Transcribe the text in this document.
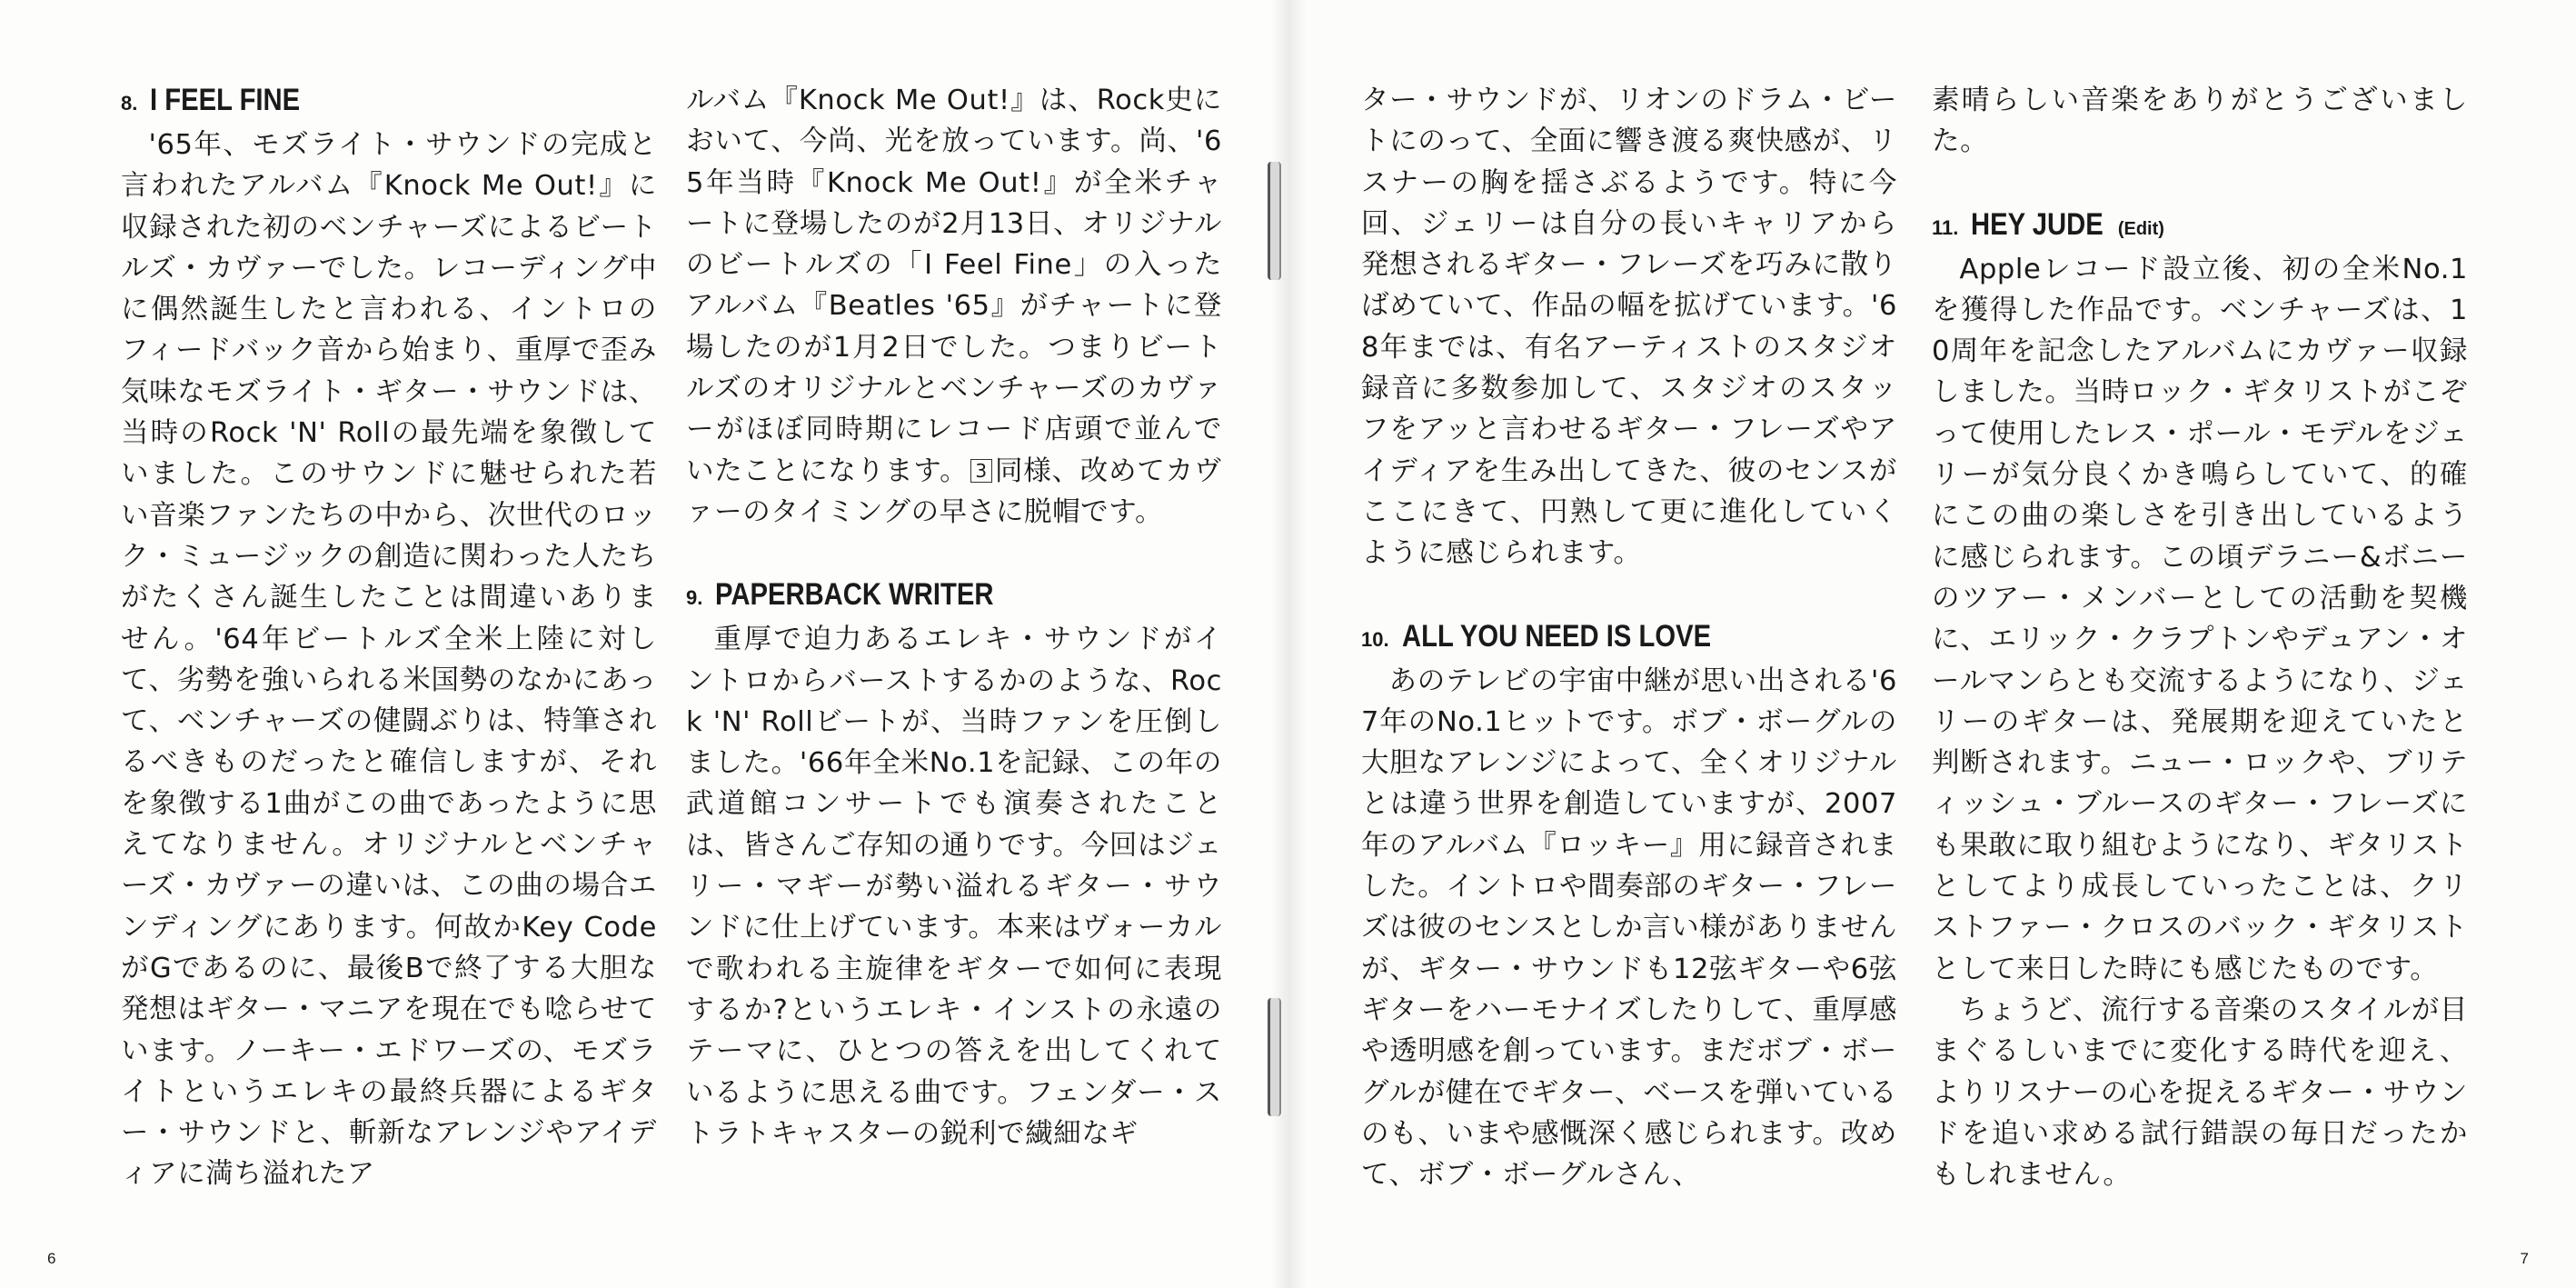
8. I FEEL FINE

'65年、モズライト・サウンドの完成と言われたアルバム『Knock Me Out!』に収録された初のベンチャーズによるビートルズ・カヴァーでした。レコーディング中に偶然誕生したと言われる、イントロのフィードバック音から始まり、重厚で歪み気味なモズライト・ギター・サウンドは、当時のRock 'N' Rollの最先端を象徴していました。このサウンドに魅せられた若い音楽ファンたちの中から、次世代のロック・ミュージックの創造に関わった人たちがたくさん誕生したことは間違いありません。'64年ビートルズ全米上陸に対して、劣勢を強いられる米国勢のなかにあって、ベンチャーズの健闘ぶりは、特筆されるべきものだったと確信しますが、それを象徴する1曲がこの曲であったように思えてなりません。オリジナルとベンチャーズ・カヴァーの違いは、この曲の場合エンディングにあります。何故かKey CodeがGであるのに、最後Bで終了する大胆な発想はギター・マニアを現在でも唸らせています。ノーキー・エドワーズの、モズライトというエレキの最終兵器によるギター・サウンドと、斬新なアレンジやアイディアに満ち溢れたア

ルバム『Knock Me Out!』は、Rock史において、今尚、光を放っています。尚、'65年当時『Knock Me Out!』が全米チャートに登場したのが2月13日、オリジナルのビートルズの「I Feel Fine」の入ったアルバム『Beatles '65』がチャートに登場したのが1月2日でした。つまりビートルズのオリジナルとベンチャーズのカヴァーがほぼ同時期にレコード店頭で並んでいたことになります。 3 同様、改めてカヴァーのタイミングの早さに脱帽です。

9. PAPERBACK WRITER

重厚で迫力あるエレキ・サウンドがイントロからバーストするかのような、Rock 'N' Rollビートが、当時ファンを圧倒しました。'66年全米No.1を記録、この年の武道館コンサートでも演奏されたことは、皆さんご存知の通りです。今回はジェリー・マギーが勢い溢れるギター・サウンドに仕上げています。本来はヴォーカルで歌われる主旋律をギターで如何に表現するか?というエレキ・インストの永遠のテーマに、ひとつの答えを出してくれているように思える曲です。フェンダー・ストラトキャスターの鋭利で繊細なギ

6

ター・サウンドが、リオンのドラム・ビートにのって、全面に響き渡る爽快感が、リスナーの胸を揺さぶるようです。特に今回、ジェリーは自分の長いキャリアから発想されるギター・フレーズを巧みに散りばめていて、作品の幅を拡げています。'68年までは、有名アーティストのスタジオ録音に多数参加して、スタジオのスタッフをアッと言わせるギター・フレーズやアイディアを生み出してきた、彼のセンスがここにきて、円熟して更に進化していくように感じられます。

10. ALL YOU NEED IS LOVE

あのテレビの宇宙中継が思い出される'67年のNo.1ヒットです。ボブ・ボーグルの大胆なアレンジによって、全くオリジナルとは違う世界を創造していますが、2007年のアルバム『ロッキー』用に録音されました。イントロや間奏部のギター・フレーズは彼のセンスとしか言い様がありませんが、ギター・サウンドも12弦ギターや6弦ギターをハーモナイズしたりして、重厚感や透明感を創っています。まだボブ・ボーグルが健在でギター、ベースを弾いているのも、いまや感慨深く感じられます。改めて、ボブ・ボーグルさん、

素晴らしい音楽をありがとうございました。

11. HEY JUDE (Edit)

Appleレコード設立後、初の全米No.1を獲得した作品です。ベンチャーズは、10周年を記念したアルバムにカヴァー収録しました。当時ロック・ギタリストがこぞって使用したレス・ポール・モデルをジェリーが気分良くかき鳴らしていて、的確にこの曲の楽しさを引き出しているように感じられます。この頃デラニー&ボニーのツアー・メンバーとしての活動を契機に、エリック・クラプトンやデュアン・オールマンらとも交流するようになり、ジェリーのギターは、発展期を迎えていたと判断されます。ニュー・ロックや、ブリティッシュ・ブルースのギター・フレーズにも果敢に取り組むようになり、ギタリストとしてより成長していったことは、クリストファー・クロスのバック・ギタリストとして来日した時にも感じたものです。

ちょうど、流行する音楽のスタイルが目まぐるしいまでに変化する時代を迎え、よりリスナーの心を捉えるギター・サウンドを追い求める試行錯誤の毎日だったかもしれません。

7
